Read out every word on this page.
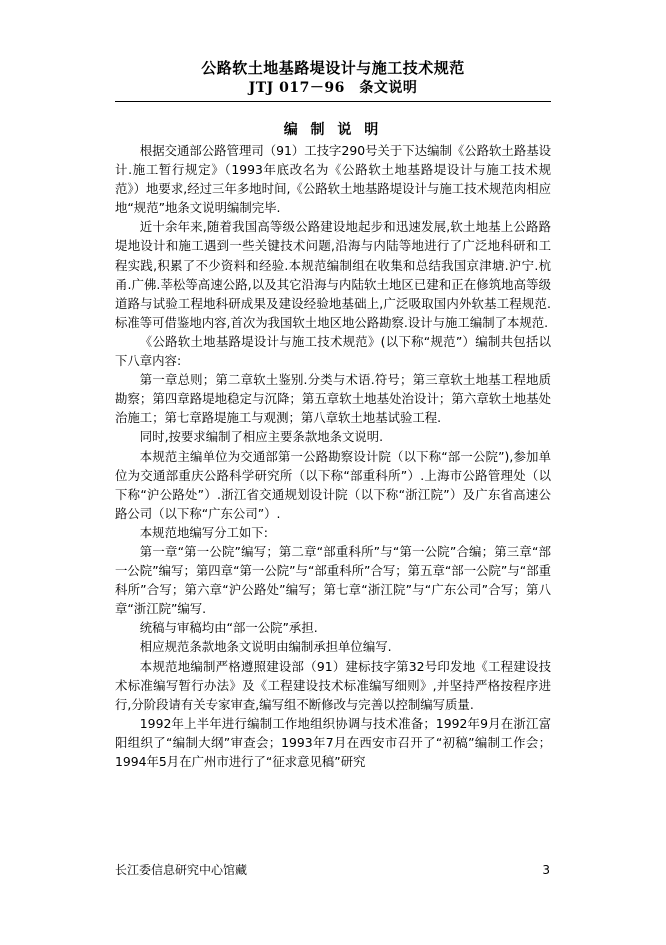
公路软土地基路堤设计与施工技术规范
JTJ 017－96　条文说明
编 制 说 明

根据交通部公路管理司（91）工技字290号关于下达编制《公路软土路基设计.施工暂行规定》（1993年底改名为《公路软土地基路堤设计与施工技术规范》）地要求,经过三年多地时间,《公路软土地基路堤设计与施工技术规范肉相应地“规范”地条文说明编制完毕.

近十余年来,随着我国高等级公路建设地起步和迅速发展,软土地基上公路路堤地设计和施工遇到一些关键技术问题,沿海与内陆等地进行了广泛地科研和工程实践,积累了不少资料和经验.本规范编制组在收集和总结我国京津塘.沪宁.杭甬.广佛.莘松等高速公路,以及其它沿海与内陆软土地区已建和正在修筑地高等级道路与试验工程地科研成果及建设经验地基础上,广泛吸取国内外软基工程规范.标准等可借鉴地内容,首次为我国软土地区地公路勘察.设计与施工编制了本规范.

《公路软土地基路堤设计与施工技术规范》(以下称“规范”）编制共包括以下八章内容:

第一章总则；第二章软土鉴别.分类与术语.符号；第三章软土地基工程地质勘察；第四章路堤地稳定与沉降；第五章软土地基处治设计；第六章软土地基处治施工；第七章路堤施工与观测；第八章软土地基试验工程.

同时,按要求编制了相应主要条款地条文说明.

本规范主编单位为交通部第一公路勘察设计院（以下称“部一公院”),参加单位为交通部重庆公路科学研究所（以下称“部重科所”）.上海市公路管理处（以下称“沪公路处”）.浙江省交通规划设计院（以下称“浙江院”）及广东省高速公路公司（以下称“广东公司”）.

本规范地编写分工如下:

第一章“第一公院”编写；第二章“部重科所”与“第一公院”合编；第三章“部一公院”编写；第四章“第一公院”与“部重科所”合写；第五章“部一公院”与“部重科所”合写；第六章“沪公路处”编写；第七章“浙江院”与“广东公司”合写；第八章“浙江院”编写.

统稿与审稿均由“部一公院”承担.

相应规范条款地条文说明由编制承担单位编写.

本规范地编制严格遵照建设部（91）建标技字第32号印发地《工程建设技术标准编写暂行办法》及《工程建设技术标准编写细则》,并坚持严格按程序进行,分阶段请有关专家审查,编写组不断修改与完善以控制编写质量.

1992年上半年进行编制工作地组织协调与技术准备；1992年9月在浙江富阳组织了“编制大纲”审查会；1993年7月在西安市召开了“初稿”编制工作会；1994年5月在广州市进行了“征求意见稿”研究

长江委信息研究中心馆藏	3
